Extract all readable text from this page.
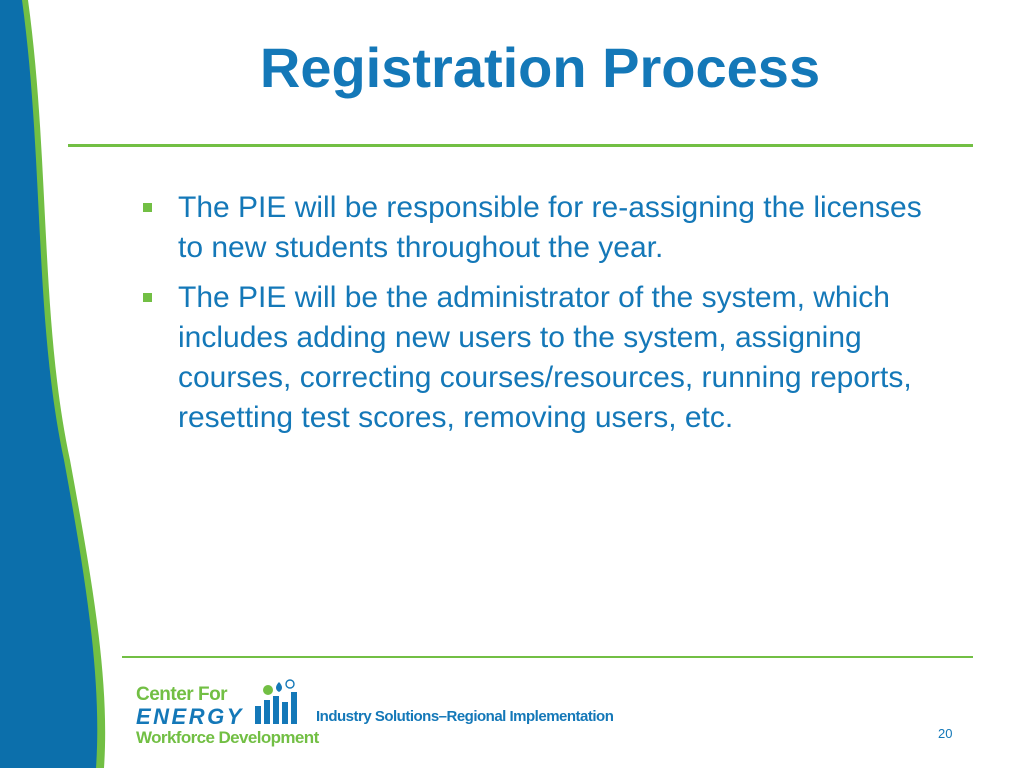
Registration Process
The PIE will be responsible for re-assigning the licenses to new students throughout the year.
The PIE will be the administrator of the system, which includes adding new users to the system, assigning courses, correcting courses/resources, running reports, resetting test scores, removing users, etc.
Center For
ENERGY
Workforce Development
Industry Solutions–Regional Implementation
20
